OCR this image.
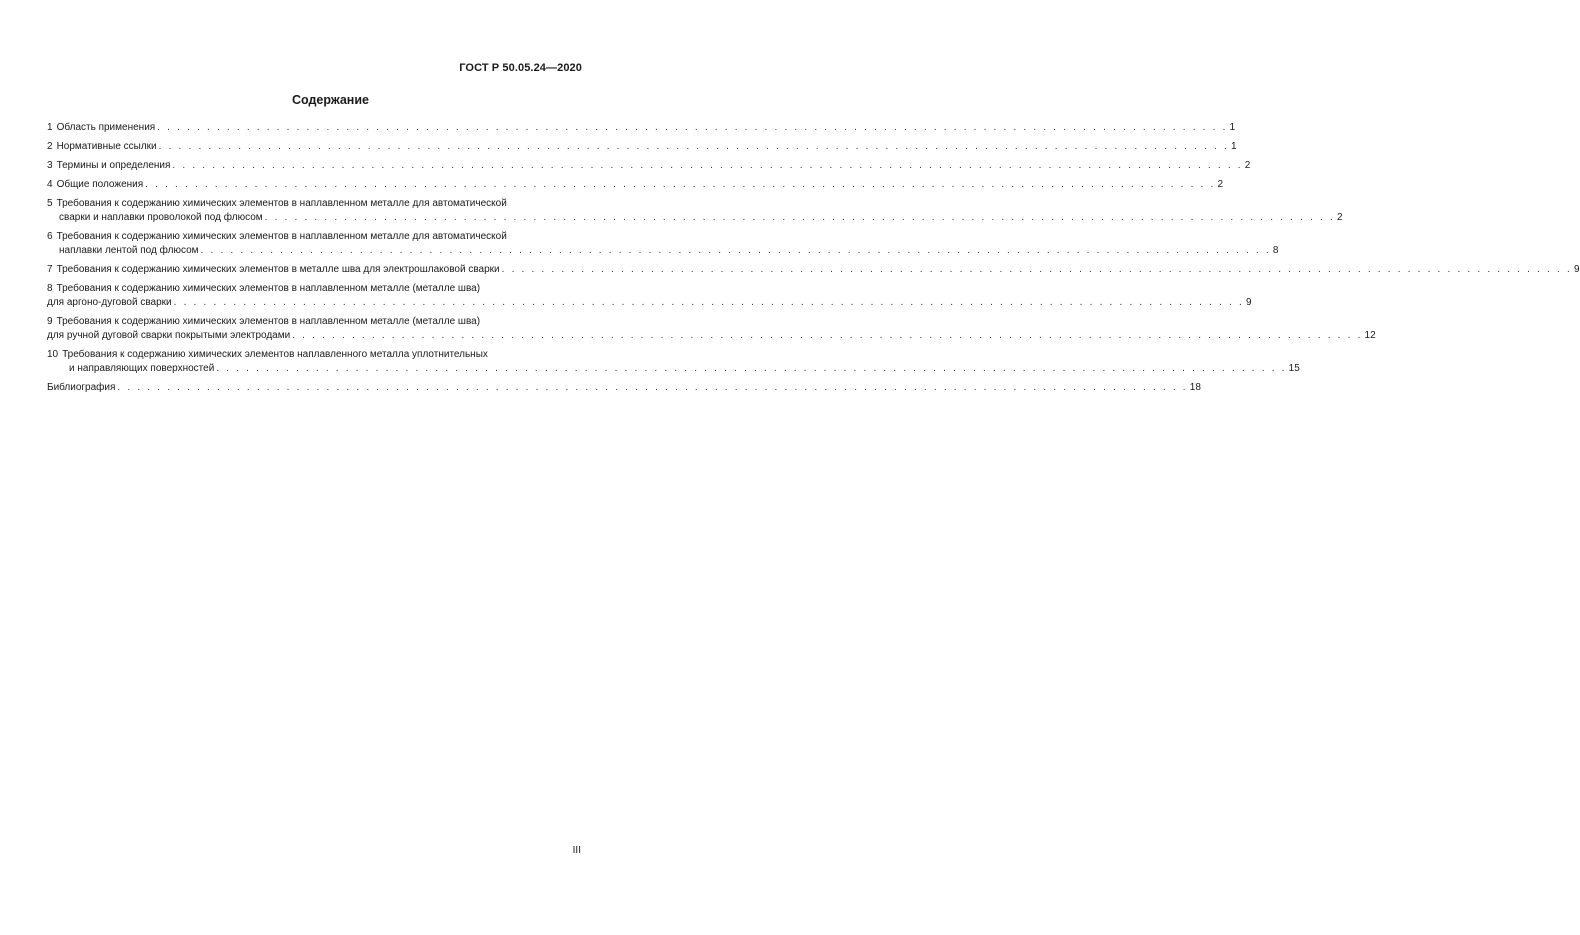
ГОСТ Р 50.05.24—2020
Содержание
1 Область применения . . . . . . . . . . . . . . . . . . . . . . . . . . . . . . . . . . . . . . . . . . . . . . . . . . . . . . . . . . . . . . . . . . . . . . . . . . . . . . . . . . . . . . . . . . . . . . . . . . . . . . . . . . . . 1
2 Нормативные ссылки . . . . . . . . . . . . . . . . . . . . . . . . . . . . . . . . . . . . . . . . . . . . . . . . . . . . . . . . . . . . . . . . . . . . . . . . . . . . . . . . . . . . . . . . . . . . . . . . . . . . . . . . . . . . 1
3 Термины и определения . . . . . . . . . . . . . . . . . . . . . . . . . . . . . . . . . . . . . . . . . . . . . . . . . . . . . . . . . . . . . . . . . . . . . . . . . . . . . . . . . . . . . . . . . . . . . . . . . . . . . . . . . . . . 2
4 Общие положения . . . . . . . . . . . . . . . . . . . . . . . . . . . . . . . . . . . . . . . . . . . . . . . . . . . . . . . . . . . . . . . . . . . . . . . . . . . . . . . . . . . . . . . . . . . . . . . . . . . . . . . . . . . . 2
5 Требования к содержанию химических элементов в наплавленном металле для автоматической
сварки и наплавки проволокой под флюсом . . . . . . . . . . . . . . . . . . . . . . . . . . . . . . . . . . . . . . . . . . . . . . . . . . . . . . . . . . . . . . . . . . . . . . . . . . . . . . . . . . . . . . . . . . . . . . . . . . . . . . . . . . . . 2
6 Требования к содержанию химических элементов в наплавленном металле для автоматической
наплавки лентой под флюсом . . . . . . . . . . . . . . . . . . . . . . . . . . . . . . . . . . . . . . . . . . . . . . . . . . . . . . . . . . . . . . . . . . . . . . . . . . . . . . . . . . . . . . . . . . . . . . . . . . . . . . . . . . . . 8
7 Требования к содержанию химических элементов в металле шва для электрошлаковой сварки . . . . . . . . . . . . . . . . . . . . . . . . . . . . . . . . . . . . . . . . . . . . . . . . . . . . . . . . . . . . . . . . . . . . . . . . . . . . . . . . . . . . . . . . . . . . . . . . . . . . . . . . . . . . 9
8 Требования к содержанию химических элементов в наплавленном металле (металле шва)
для аргоно-дуговой сварки . . . . . . . . . . . . . . . . . . . . . . . . . . . . . . . . . . . . . . . . . . . . . . . . . . . . . . . . . . . . . . . . . . . . . . . . . . . . . . . . . . . . . . . . . . . . . . . . . . . . . . . . . . . . 9
9 Требования к содержанию химических элементов в наплавленном металле (металле шва)
для ручной дуговой сварки покрытыми электродами . . . . . . . . . . . . . . . . . . . . . . . . . . . . . . . . . . . . . . . . . . . . . . . . . . . . . . . . . . . . . . . . . . . . . . . . . . . . . . . . . . . . . . . . . . . . . . . . . . . . . . . . . . . . 12
10 Требования к содержанию химических элементов наплавленного металла уплотнительных
и направляющих поверхностей . . . . . . . . . . . . . . . . . . . . . . . . . . . . . . . . . . . . . . . . . . . . . . . . . . . . . . . . . . . . . . . . . . . . . . . . . . . . . . . . . . . . . . . . . . . . . . . . . . . . . . . . . . . . 15
Библиография . . . . . . . . . . . . . . . . . . . . . . . . . . . . . . . . . . . . . . . . . . . . . . . . . . . . . . . . . . . . . . . . . . . . . . . . . . . . . . . . . . . . . . . . . . . . . . . . . . . . . . . . . . . . 18
III
